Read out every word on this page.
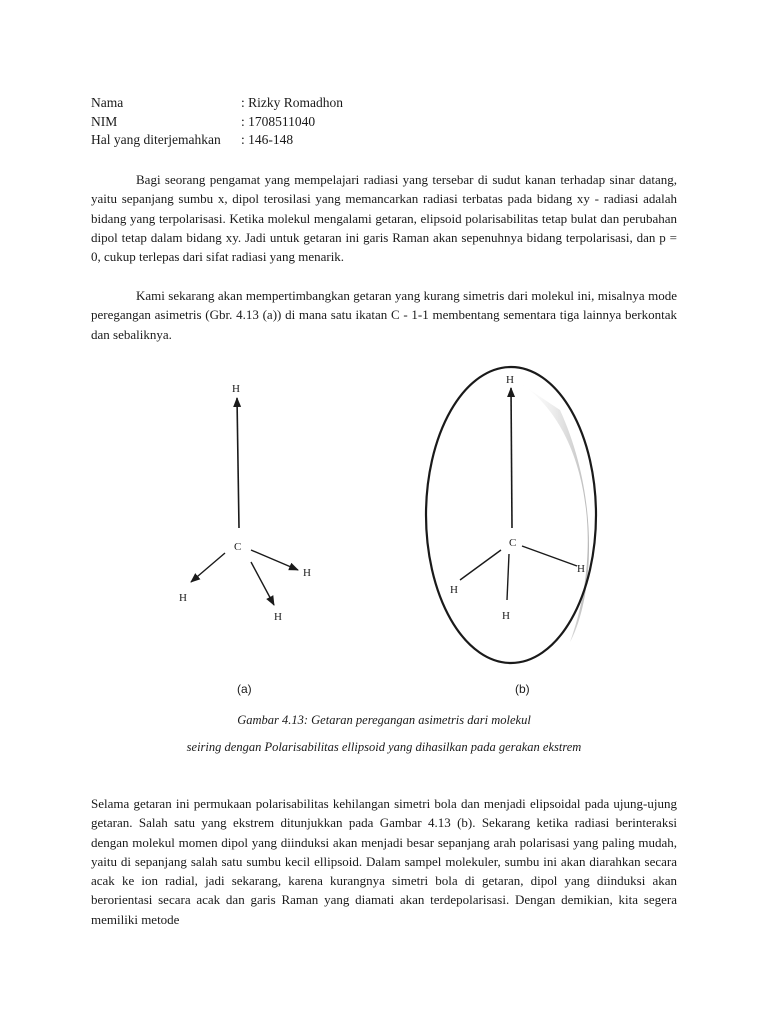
Nama	: Rizky Romadhon
NIM	: 1708511040
Hal yang diterjemahkan	: 146-148

Bagi seorang pengamat yang mempelajari radiasi yang tersebar di sudut kanan terhadap sinar datang, yaitu sepanjang sumbu x, dipol terosilasi yang memancarkan radiasi terbatas pada bidang xy - radiasi adalah bidang yang terpolarisasi. Ketika molekul mengalami getaran, elipsoid polarisabilitas tetap bulat dan perubahan dipol tetap dalam bidang xy. Jadi untuk getaran ini garis Raman akan sepenuhnya bidang terpolarisasi, dan p = 0, cukup terlepas dari sifat radiasi yang menarik.

Kami sekarang akan mempertimbangkan getaran yang kurang simetris dari molekul ini, misalnya mode peregangan asimetris (Gbr. 4.13 (a)) di mana satu ikatan C - 1-1 membentang sementara tiga lainnya berkontak dan sebaliknya.

H
C
H
H
H
H
C
H
H
H
(a)	(b)
Gambar 4.13: Getaran peregangan asimetris dari molekul
seiring dengan Polarisabilitas ellipsoid yang dihasilkan pada gerakan ekstrem

Selama getaran ini permukaan polarisabilitas kehilangan simetri bola dan menjadi elipsoidal pada ujung-ujung getaran. Salah satu yang ekstrem ditunjukkan pada Gambar 4.13 (b). Sekarang ketika radiasi berinteraksi dengan molekul momen dipol yang diinduksi akan menjadi besar sepanjang arah polarisasi yang paling mudah, yaitu di sepanjang salah satu sumbu kecil ellipsoid. Dalam sampel molekuler, sumbu ini akan diarahkan secara acak ke ion radial, jadi sekarang, karena kurangnya simetri bola di getaran, dipol yang diinduksi akan berorientasi secara acak dan garis Raman yang diamati akan terdepolarisasi. Dengan demikian, kita segera memiliki metode
